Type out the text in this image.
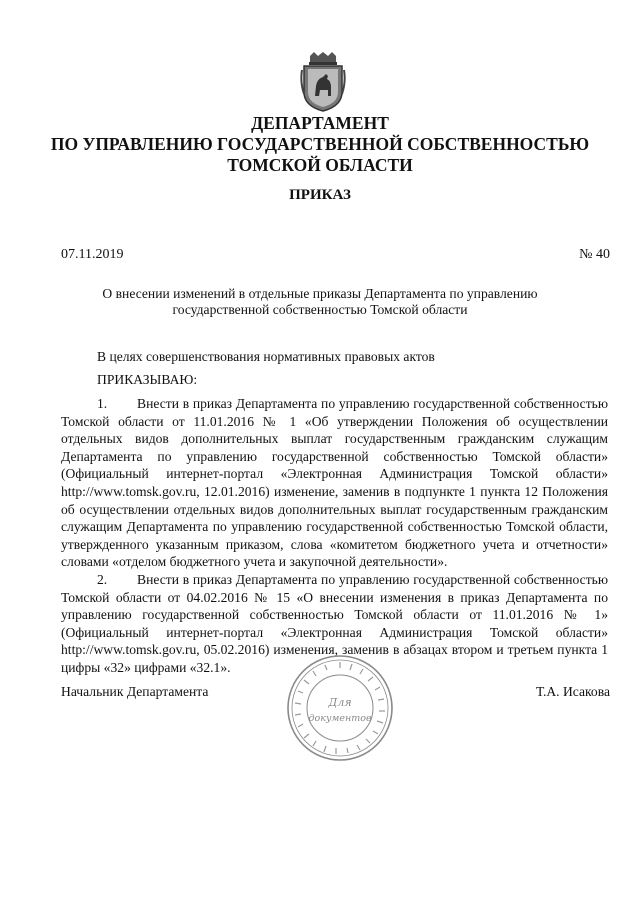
ДЕПАРТАМЕНТ
ПО УПРАВЛЕНИЮ ГОСУДАРСТВЕННОЙ СОБСТВЕННОСТЬЮ
ТОМСКОЙ ОБЛАСТИ
ПРИКАЗ
07.11.2019	№ 40
О внесении изменений в отдельные приказы Департамента по управлению
государственной собственностью Томской области
В целях совершенствования нормативных правовых актов
ПРИКАЗЫВАЮ:

1. Внести в приказ Департамента по управлению государственной собственностью Томской области от 11.01.2016 № 1 «Об утверждении Положения об осуществлении отдельных видов дополнительных выплат государственным гражданским служащим Департамента по управлению государственной собственностью Томской области» (Официальный интернет-портал «Электронная Администрация Томской области» http://www.tomsk.gov.ru, 12.01.2016) изменение, заменив в подпункте 1 пункта 12 Положения об осуществлении отдельных видов дополнительных выплат государственным гражданским служащим Департамента по управлению государственной собственностью Томской области, утвержденного указанным приказом, слова «комитетом бюджетного учета и отчетности» словами «отделом бюджетного учета и закупочной деятельности».

2. Внести в приказ Департамента по управлению государственной собственностью Томской области от 04.02.2016 № 15 «О внесении изменения в приказ Департамента по управлению государственной собственностью Томской области от 11.01.2016 № 1» (Официальный интернет-портал «Электронная Администрация Томской области» http://www.tomsk.gov.ru, 05.02.2016) изменения, заменив в абзацах втором и третьем пункта 1 цифры «32» цифрами «32.1».

Начальник Департамента	Т.А. Исакова
Для
документов
